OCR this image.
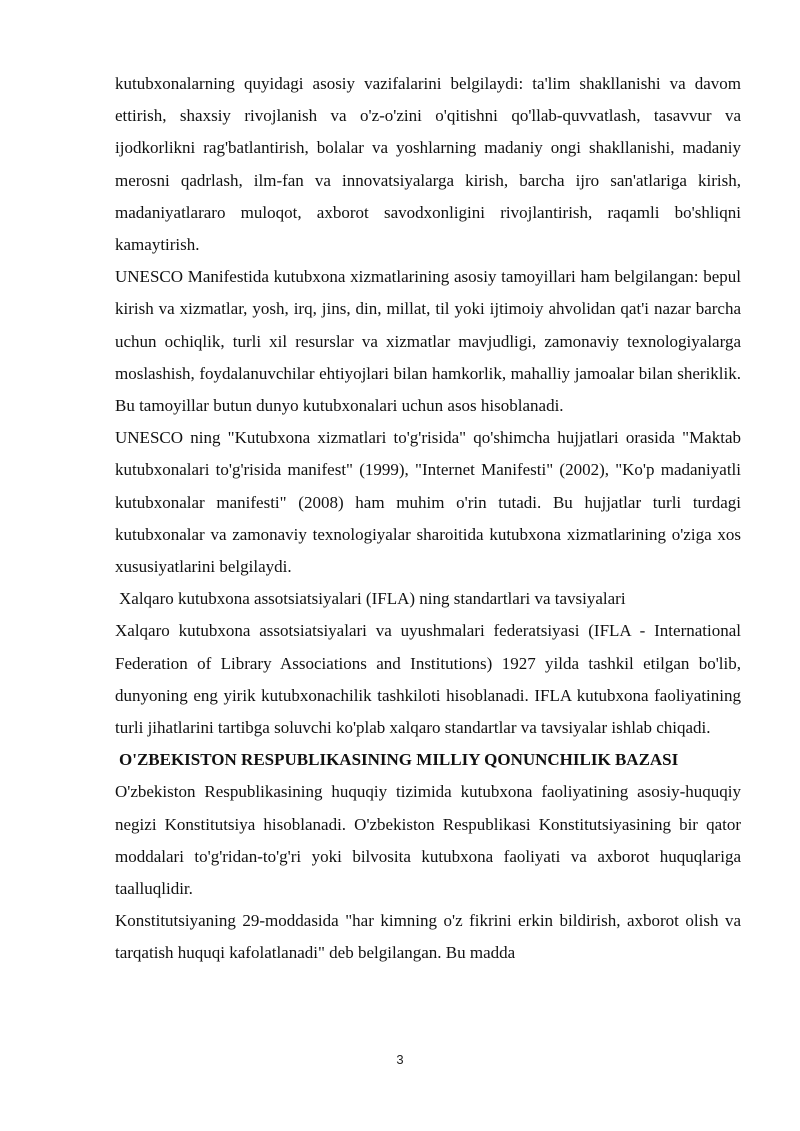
kutubxonalarning quyidagi asosiy vazifalarini belgilaydi: ta'lim shakllanishi va davom ettirish, shaxsiy rivojlanish va o'z-o'zini o'qitishni qo'llab-quvvatlash, tasavvur va ijodkorlikni rag'batlantirish, bolalar va yoshlarning madaniy ongi shakllanishi, madaniy merosni qadrlash, ilm-fan va innovatsiyalarga kirish, barcha ijro san'atlariga kirish, madaniyatlararo muloqot, axborot savodxonligini rivojlantirish, raqamli bo'shliqni kamaytirish.

UNESCO Manifestida kutubxona xizmatlarining asosiy tamoyillari ham belgilangan: bepul kirish va xizmatlar, yosh, irq, jins, din, millat, til yoki ijtimoiy ahvolidan qat'i nazar barcha uchun ochiqlik, turli xil resurslar va xizmatlar mavjudligi, zamonaviy texnologiyalarga moslashish, foydalanuvchilar ehtiyojlari bilan hamkorlik, mahalliy jamoalar bilan sheriklik. Bu tamoyillar butun dunyo kutubxonalari uchun asos hisoblanadi.

UNESCO ning "Kutubxona xizmatlari to'g'risida" qo'shimcha hujjatlari orasida "Maktab kutubxonalari to'g'risida manifest" (1999), "Internet Manifesti" (2002), "Ko'p madaniyatli kutubxonalar manifesti" (2008) ham muhim o'rin tutadi. Bu hujjatlar turli turdagi kutubxonalar va zamonaviy texnologiyalar sharoitida kutubxona xizmatlarining o'ziga xos xususiyatlarini belgilaydi.

Xalqaro kutubxona assotsiatsiyalari (IFLA) ning standartlari va tavsiyalari

Xalqaro kutubxona assotsiatsiyalari va uyushmalari federatsiyasi (IFLA - International Federation of Library Associations and Institutions) 1927 yilda tashkil etilgan bo'lib, dunyoning eng yirik kutubxonachilik tashkiloti hisoblanadi. IFLA kutubxona faoliyatining turli jihatlarini tartibga soluvchi ko'plab xalqaro standartlar va tavsiyalar ishlab chiqadi.

O'ZBEKISTON RESPUBLIKASINING MILLIY QONUNCHILIK BAZASI

O'zbekiston Respublikasining huquqiy tizimida kutubxona faoliyatining asosiy-huquqiy negizi Konstitutsiya hisoblanadi. O'zbekiston Respublikasi Konstitutsiyasining bir qator moddalari to'g'ridan-to'g'ri yoki bilvosita kutubxona faoliyati va axborot huquqlariga taalluqlidir.

Konstitutsiyaning 29-moddasida "har kimning o'z fikrini erkin bildirish, axborot olish va tarqatish huquqi kafolatlanadi" deb belgilangan. Bu madda

3
